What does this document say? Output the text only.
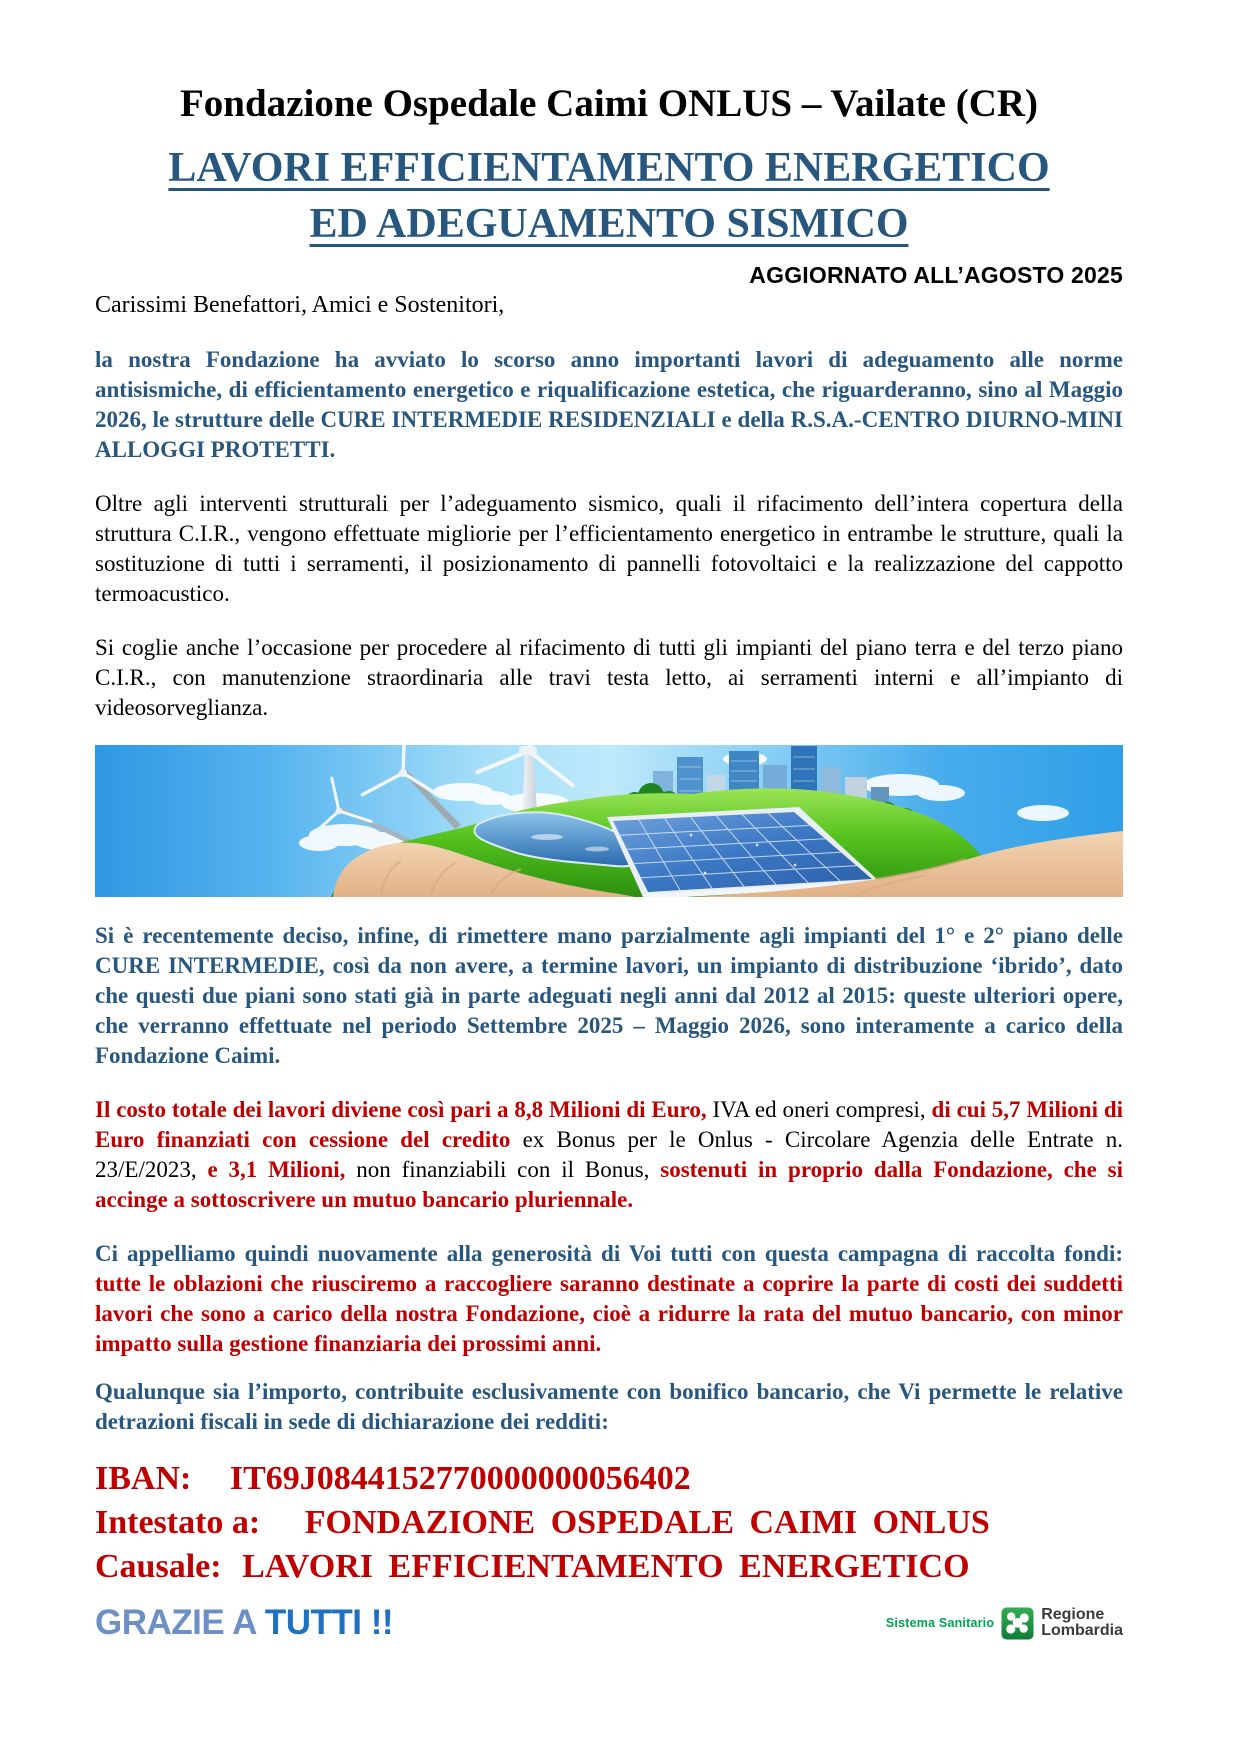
Fondazione Ospedale Caimi ONLUS – Vailate (CR)
LAVORI EFFICIENTAMENTO ENERGETICO
ED ADEGUAMENTO SISMICO
AGGIORNATO ALL’AGOSTO 2025
Carissimi Benefattori, Amici e Sostenitori,
la nostra Fondazione ha avviato lo scorso anno importanti lavori di adeguamento alle norme antisismiche, di efficientamento energetico e riqualificazione estetica, che riguarderanno, sino al Maggio 2026, le strutture delle CURE INTERMEDIE RESIDENZIALI e della R.S.A.-CENTRO DIURNO-MINI ALLOGGI PROTETTI.
Oltre agli interventi strutturali per l’adeguamento sismico, quali il rifacimento dell’intera copertura della struttura C.I.R., vengono effettuate migliorie per l’efficientamento energetico in entrambe le strutture, quali la sostituzione di tutti i serramenti, il posizionamento di pannelli fotovoltaici e la realizzazione del cappotto termoacustico.
Si coglie anche l’occasione per procedere al rifacimento di tutti gli impianti del piano terra e del terzo piano C.I.R., con manutenzione straordinaria alle travi testa letto, ai serramenti interni e all’impianto di videosorveglianza.
Si è recentemente deciso, infine, di rimettere mano parzialmente agli impianti del 1° e 2° piano delle CURE INTERMEDIE, così da non avere, a termine lavori, un impianto di distribuzione ‘ibrido’, dato che questi due piani sono stati già in parte adeguati negli anni dal 2012 al 2015: queste ulteriori opere, che verranno effettuate nel periodo Settembre 2025 – Maggio 2026, sono interamente a carico della Fondazione Caimi.
Il costo totale dei lavori diviene così pari a 8,8 Milioni di Euro, IVA ed oneri compresi, di cui 5,7 Milioni di Euro finanziati con cessione del credito ex Bonus per le Onlus - Circolare Agenzia delle Entrate n. 23/E/2023, e 3,1 Milioni, non finanziabili con il Bonus, sostenuti in proprio dalla Fondazione, che si accinge a sottoscrivere un mutuo bancario pluriennale.
Ci appelliamo quindi nuovamente alla generosità di Voi tutti con questa campagna di raccolta fondi: tutte le oblazioni che riusciremo a raccogliere saranno destinate a coprire la parte di costi dei suddetti lavori che sono a carico della nostra Fondazione, cioè a ridurre la rata del mutuo bancario, con minor impatto sulla gestione finanziaria dei prossimi anni.
Qualunque sia l’importo, contribuite esclusivamente con bonifico bancario, che Vi permette le relative detrazioni fiscali in sede di dichiarazione dei redditi:
IBAN: IT69J0844152770000000056402
Intestato a: FONDAZIONE OSPEDALE CAIMI ONLUS
Causale: LAVORI EFFICIENTAMENTO ENERGETICO
GRAZIE A TUTTI !!	Sistema Sanitario	Regione
Lombardia
